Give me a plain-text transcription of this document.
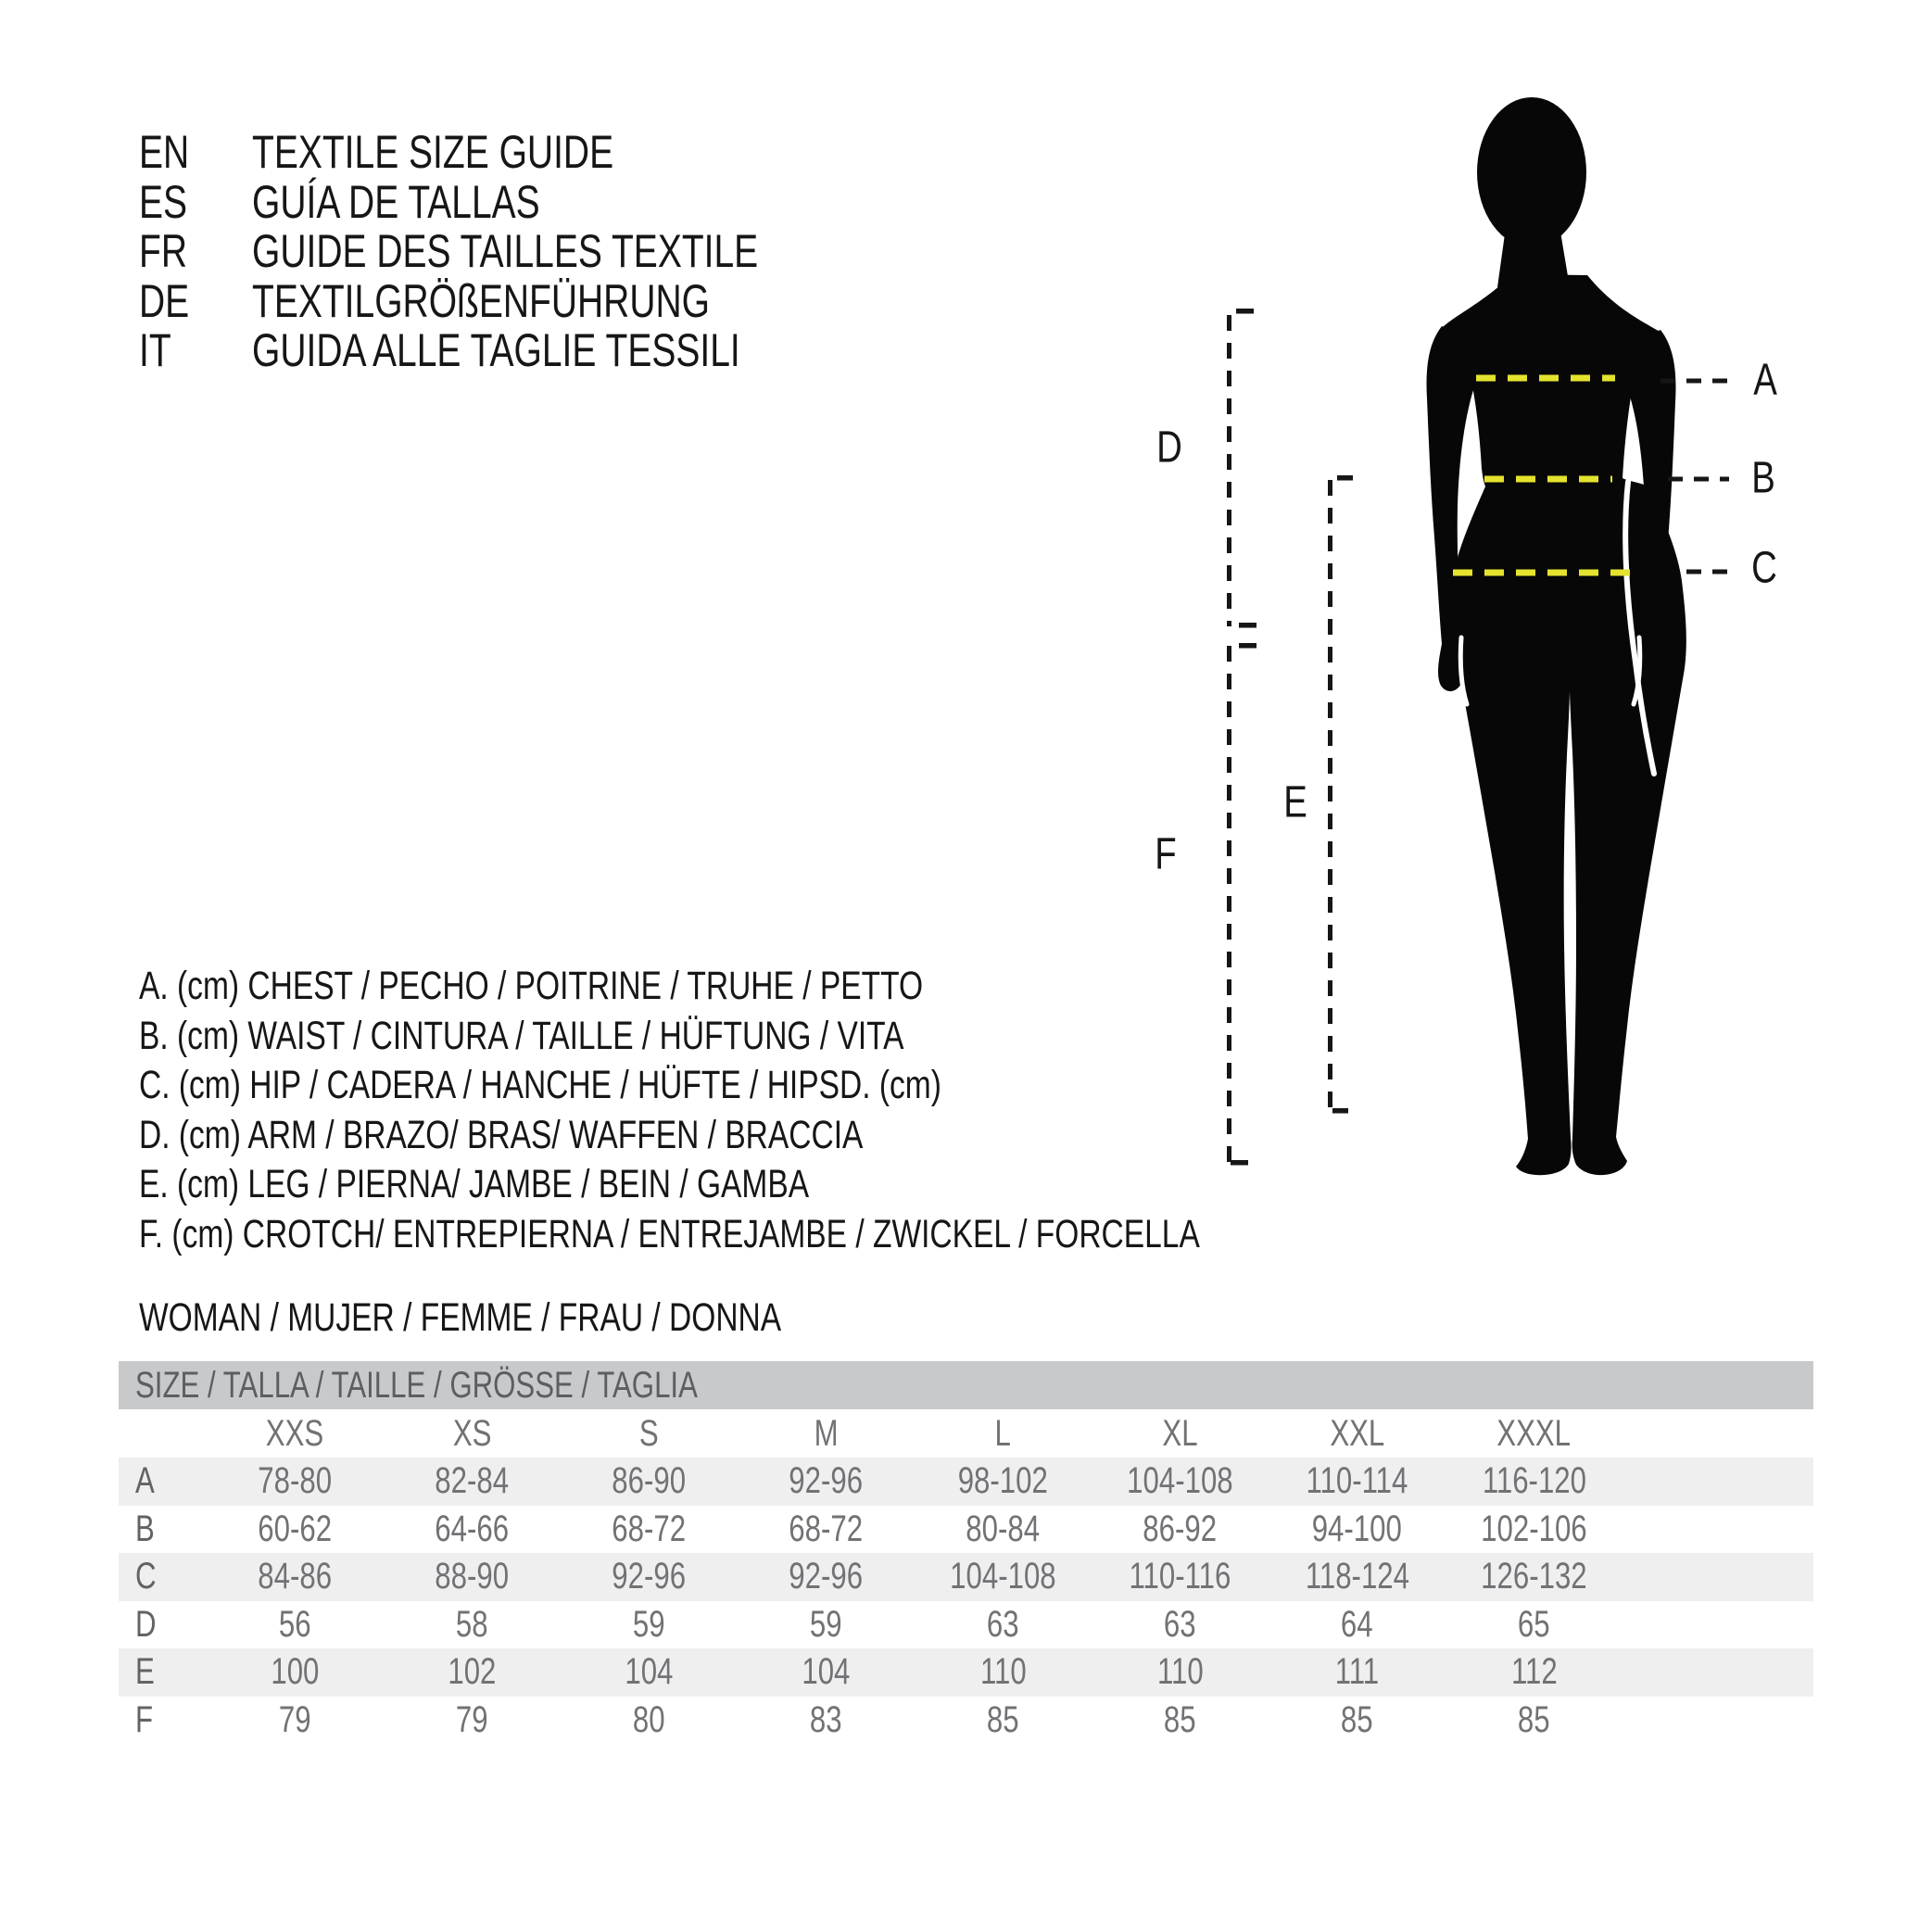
EN	TEXTILE SIZE GUIDE
ES GUÍA DE TALLAS
FR GUIDE DES TAILLES TEXTILE
DE	TEXTILGRÖßENFÜHRUNG
IT GUIDA ALLE TAGLIE TESSILI
A. (cm) CHEST / PECHO / POITRINE / TRUHE / PETTO
B. (cm) WAIST / CINTURA / TAILLE / HÜFTUNG / VITA
C. (cm) HIP / CADERA / HANCHE / HÜFTE / HIPSD. (cm)
D. (cm) ARM / BRAZO/ BRAS/ WAFFEN / BRACCIA
E. (cm) LEG / PIERNA/ JAMBE / BEIN / GAMBA
F. (cm) CROTCH/ ENTREPIERNA / ENTREJAMBE / ZWICKEL / FORCELLA
WOMAN / MUJER / FEMME / FRAU / DONNA
A
B
C
D
E
F
SIZE / TALLA / TAILLE / GRÖSSE / TAGLIA
XXS	XS	S	M	L	XL	XXL	XXXL
A	78-80	82-84	86-90	92-96	98-102 104-108 110-114 116-120
B	60-62	64-66	68-72	68-72	80-84	86-92	94-100 102-106
C	84-86	88-90	92-96	92-96 104-108 110-116 118-124 126-132
D	56	58	59	59	63	63	64	65
E	100	102	104	104	110	110	111	112
F	79	79	80	83	85	85	85	85
